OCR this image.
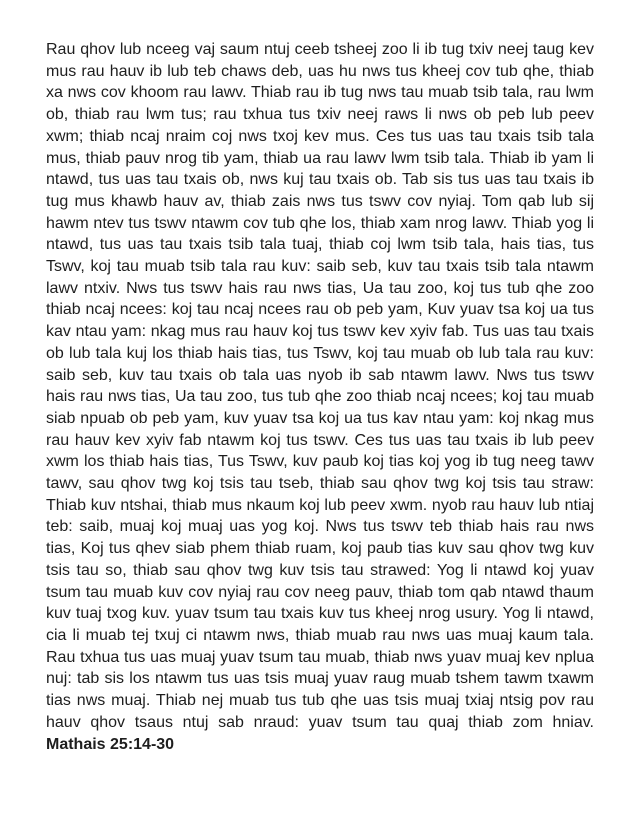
Rau qhov lub nceeg vaj saum ntuj ceeb tsheej zoo li ib tug txiv neej taug kev mus rau hauv ib lub teb chaws deb, uas hu nws tus kheej cov tub qhe, thiab xa nws cov khoom rau lawv. Thiab rau ib tug nws tau muab tsib tala, rau lwm ob, thiab rau lwm tus; rau txhua tus txiv neej raws li nws ob peb lub peev xwm; thiab ncaj nraim coj nws txoj kev mus. Ces tus uas tau txais tsib tala mus, thiab pauv nrog tib yam, thiab ua rau lawv lwm tsib tala. Thiab ib yam li ntawd, tus uas tau txais ob, nws kuj tau txais ob. Tab sis tus uas tau txais ib tug mus khawb hauv av, thiab zais nws tus tswv cov nyiaj. Tom qab lub sij hawm ntev tus tswv ntawm cov tub qhe los, thiab xam nrog lawv. Thiab yog li ntawd, tus uas tau txais tsib tala tuaj, thiab coj lwm tsib tala, hais tias, tus Tswv, koj tau muab tsib tala rau kuv: saib seb, kuv tau txais tsib tala ntawm lawv ntxiv. Nws tus tswv hais rau nws tias, Ua tau zoo, koj tus tub qhe zoo thiab ncaj ncees: koj tau ncaj ncees rau ob peb yam, Kuv yuav tsa koj ua tus kav ntau yam: nkag mus rau hauv koj tus tswv kev xyiv fab. Tus uas tau txais ob lub tala kuj los thiab hais tias, tus Tswv, koj tau muab ob lub tala rau kuv: saib seb, kuv tau txais ob tala uas nyob ib sab ntawm lawv. Nws tus tswv hais rau nws tias, Ua tau zoo, tus tub qhe zoo thiab ncaj ncees; koj tau muab siab npuab ob peb yam, kuv yuav tsa koj ua tus kav ntau yam: koj nkag mus rau hauv kev xyiv fab ntawm koj tus tswv. Ces tus uas tau txais ib lub peev xwm los thiab hais tias, Tus Tswv, kuv paub koj tias koj yog ib tug neeg tawv tawv, sau qhov twg koj tsis tau tseb, thiab sau qhov twg koj tsis tau straw: Thiab kuv ntshai, thiab mus nkaum koj lub peev xwm. nyob rau hauv lub ntiaj teb: saib, muaj koj muaj uas yog koj. Nws tus tswv teb thiab hais rau nws tias, Koj tus qhev siab phem thiab ruam, koj paub tias kuv sau qhov twg kuv tsis tau so, thiab sau qhov twg kuv tsis tau strawed: Yog li ntawd koj yuav tsum tau muab kuv cov nyiaj rau cov neeg pauv, thiab tom qab ntawd thaum kuv tuaj txog kuv. yuav tsum tau txais kuv tus kheej nrog usury. Yog li ntawd, cia li muab tej txuj ci ntawm nws, thiab muab rau nws uas muaj kaum tala. Rau txhua tus uas muaj yuav tsum tau muab, thiab nws yuav muaj kev nplua nuj: tab sis los ntawm tus uas tsis muaj yuav raug muab tshem tawm txawm tias nws muaj. Thiab nej muab tus tub qhe uas tsis muaj txiaj ntsig pov rau hauv qhov tsaus ntuj sab nraud: yuav tsum tau quaj thiab zom hniav. Mathais 25:14-30
